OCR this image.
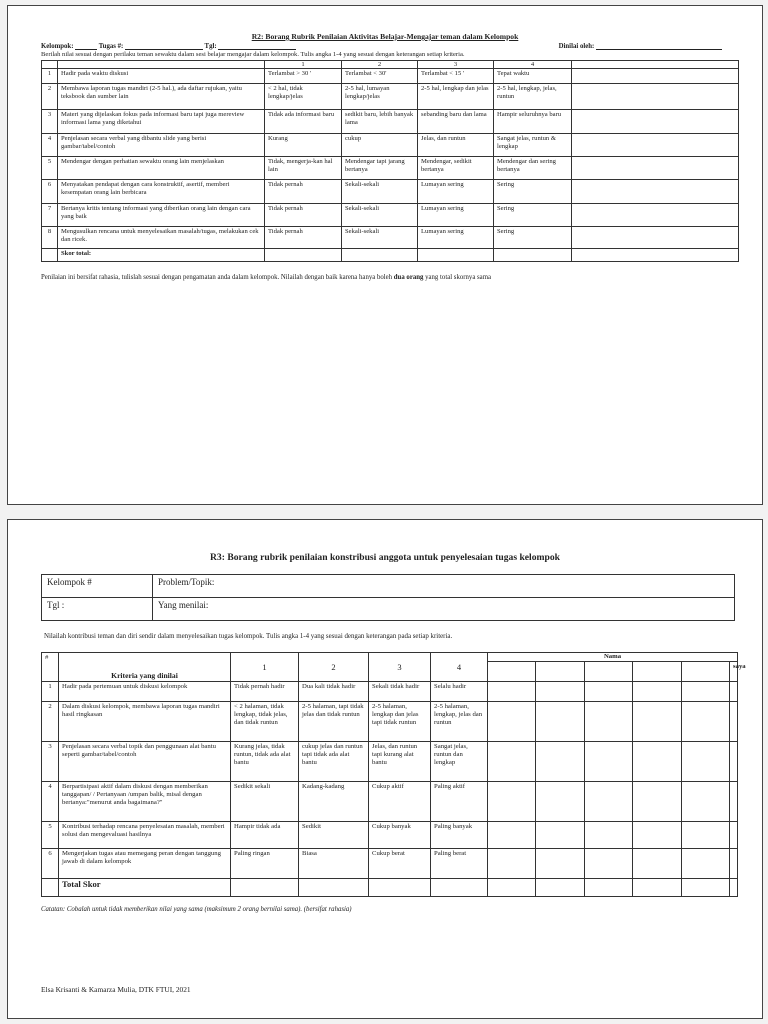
R2: Borang Rubrik Penilaian Aktivitas Belajar-Mengajar teman dalam Kelompok
Kelompok:	Tugas #:	Tgl:	Dinilai oleh:
Berilah nilai sesuai dengan perilaku teman sewaktu dalam sesi belajar mengajar dalam kelompok. Tulis angka 1-4 yang sesuai dengan keterangan setiap kriteria.
		1	2	3	4	
1	Hadir pada waktu diskusi	Terlambat > 30 '	Terlambat < 30'	Terlambat < 15 '	Tepat waktu	
2	Membawa laporan tugas mandiri (2-5 hal.), ada daftar rujukan, yaitu teksbook dan sumber lain	< 2 hal, tidak lengkap/jelas	2-5 hal, lumayan lengkap/jelas	2-5 hal, lengkap dan jelas	2-5 hal, lengkap, jelas, runtun	
3	Materi yang dijelaskan fokus pada informasi baru tapi juga mereview informasi lama yang diketahui	Tidak ada informasi baru	sedikit baru, lebih banyak lama	sebanding baru dan lama	Hampir seluruhnya baru	
4	Penjelasan secara verbal yang dibantu slide yang berisi gambar/tabel/contoh	Kurang	cukup	Jelas, dan runtun	Sangat jelas, runtun & lengkap	
5	Mendengar dengan perhatian sewaktu orang lain menjelaskan	Tidak, mengerja-kan hal lain	Mendengar tapi jarang bertanya	Mendengar, sedikit bertanya	Mendengar dan sering bertanya	
6	Menyatakan pendapat dengan cara konstruktif, asertif, memberi kesempatan orang lain berbicara	Tidak pernah	Sekali-sekali	Lumayan sering	Sering	
7	Bertanya kritis tentang informasi yang diberikan orang lain dengan cara yang baik	Tidak pernah	Sekali-sekali	Lumayan sering	Sering	
8	Mengusulkan rencana untuk menyelesaikan masalah/tugas, melakukan cek dan ricek.	Tidak pernah	Sekali-sekali	Lumayan sering	Sering	
	Skor total:					
Penilaian ini bersifat rahasia, tulislah sesuai dengan pengamatan anda dalam kelompok. Nilailah dengan baik karena hanya boleh dua orang yang total skornya sama
R3: Borang rubrik penilaian konstribusi anggota untuk penyelesaian tugas kelompok
Kelompok #	Problem/Topik:
Tgl :	Yang menilai:
Nilailah kontribusi teman dan diri sendir dalam menyelesaikan tugas kelompok. Tulis angka 1-4 yang sesuai dengan keterangan pada setiap kriteria.
#	Kriteria yang dinilai	1	2	3	4	Nama					
											saya
1	Hadir pada pertemuan untuk diskusi kelompok	Tidak pernah hadir	Dua kali tidak hadir	Sekali tidak hadir	Selalu hadir						
2	Dalam diskusi kelompok, membawa laporan tugas mandiri hasil ringkasan	< 2 halaman, tidak lengkap, tidak jelas, dan tidak runtun	2-5 halaman, tapi tidak jelas dan tidak runtun	2-5 halaman, lengkap dan jelas tapi tidak runtun	2-5 halaman, lengkap, jelas dan runtun						
3	Penjelasan secara verbal topik dan penggunaan alat bantu seperti gambar/tabel/contoh	Kurang jelas, tidak runtun, tidak ada alat bantu	cukup jelas dan runtun tapi tidak ada alat bantu	Jelas, dan runtun tapi kurang alat bantu	Sangat jelas, runtun dan lengkap						
4	Berpartisipasi aktif dalam diskusi dengan memberikan tanggapan/ / Pertanyaan /umpan balik, misal dengan bertanya:"menurut anda bagaimana?"	Sedikit sekali	Kadang-kadang	Cukup aktif	Paling aktif						
5	Kontribusi terhadap rencana penyelesaian masalah, memberi solusi dan mengevaluasi hasilnya	Hampir tidak ada	Sedikit	Cukup banyak	Paling banyak						
6	Mengerjakan tugas atau memegang peran dengan tanggung jawab di dalam kelompok	Paling ringan	Biasa	Cukup berat	Paling berat						
	Total Skor										
Catatan: Cobalah untuk tidak memberikan nilai yang sama (maksimum 2 orang bernilai sama). (bersifat rahasia)
Elsa Krisanti & Kamarza Mulia, DTK FTUI, 2021
